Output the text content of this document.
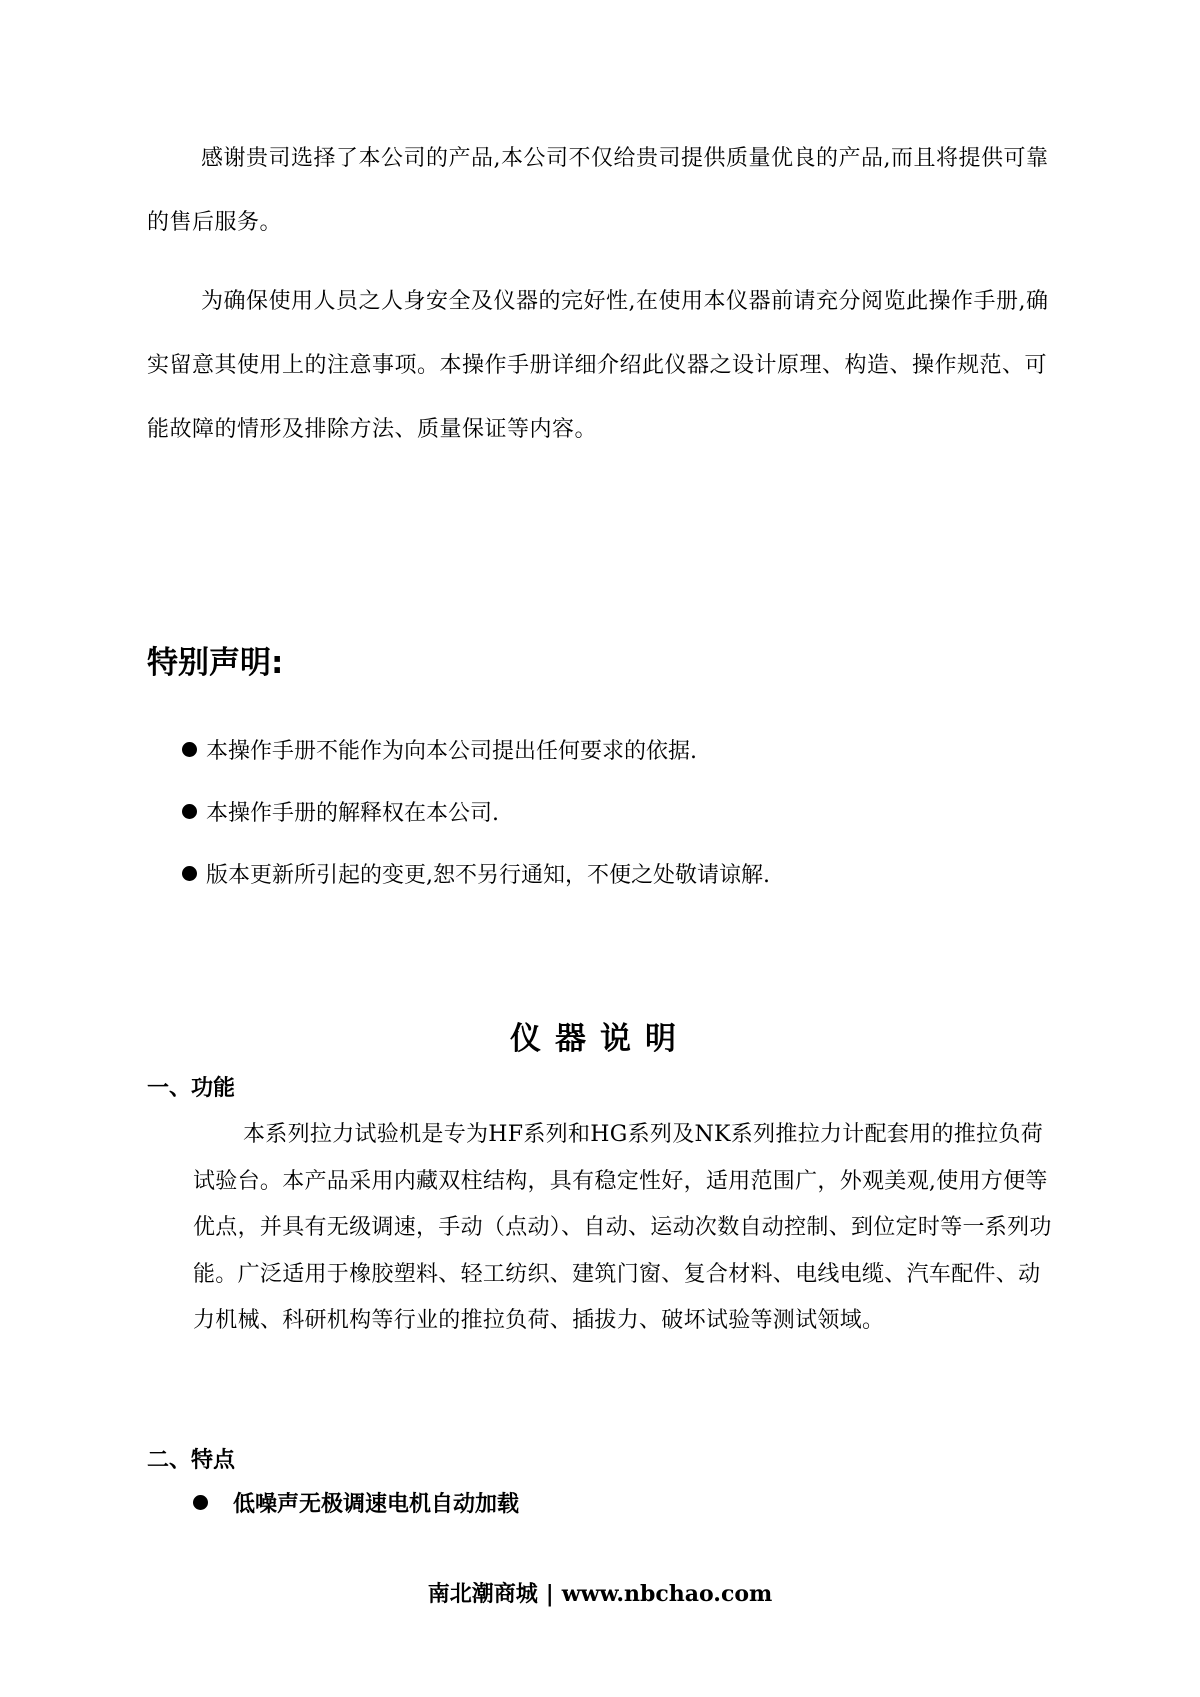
感谢贵司选择了本公司的产品,本公司不仅给贵司提供质量优良的产品,而且将提供可靠的售后服务。

为确保使用人员之人身安全及仪器的完好性,在使用本仪器前请充分阅览此操作手册,确实留意其使用上的注意事项。本操作手册详细介绍此仪器之设计原理、构造、操作规范、可能故障的情形及排除方法、质量保证等内容。

特别声明:
本操作手册不能作为向本公司提出任何要求的依据.
本操作手册的解释权在本公司.
版本更新所引起的变更,恕不另行通知，不便之处敬请谅解.
仪器说明
一、功能

本系列拉力试验机是专为HF系列和HG系列及NK系列推拉力计配套用的推拉负荷试验台。本产品采用内藏双柱结构，具有稳定性好，适用范围广，外观美观,使用方便等优点，并具有无级调速，手动（点动）、自动、运动次数自动控制、到位定时等一系列功能。广泛适用于橡胶塑料、轻工纺织、建筑门窗、复合材料、电线电缆、汽车配件、动力机械、科研机构等行业的推拉负荷、插拔力、破坏试验等测试领域。

二、特点
低噪声无极调速电机自动加载
南北潮商城 | www.nbchao.com
